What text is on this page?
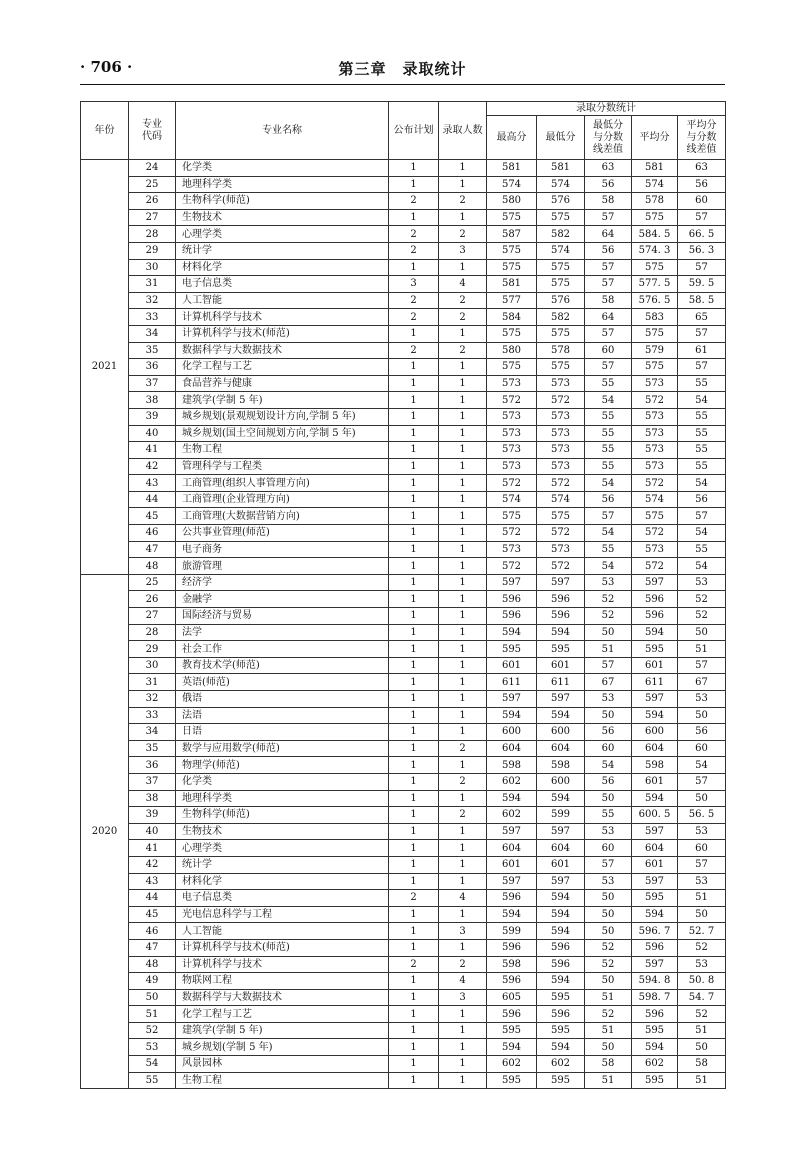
· 706 ·	第三章　录取统计
年份	专业代码	专业名称	公布计划	录取人数	录取分数统计				
					最高分	最低分	最低分与分数线差值	平均分	平均分与分数线差值

2021	24	化学类	1	1	581	581	63	581	63
	25	地理科学类	1	1	574	574	56	574	56
	26	生物科学(师范)	2	2	580	576	58	578	60
	27	生物技术	1	1	575	575	57	575	57
	28	心理学类	2	2	587	582	64	584. 5	66. 5
	29	统计学	2	3	575	574	56	574. 3	56. 3
	30	材料化学	1	1	575	575	57	575	57
	31	电子信息类	3	4	581	575	57	577. 5	59. 5
	32	人工智能	2	2	577	576	58	576. 5	58. 5
	33	计算机科学与技术	2	2	584	582	64	583	65
	34	计算机科学与技术(师范)	1	1	575	575	57	575	57
	35	数据科学与大数据技术	2	2	580	578	60	579	61
	36	化学工程与工艺	1	1	575	575	57	575	57
	37	食品营养与健康	1	1	573	573	55	573	55
	38	建筑学(学制 5 年)	1	1	572	572	54	572	54
	39	城乡规划(景观规划设计方向,学制 5 年)	1	1	573	573	55	573	55
	40	城乡规划(国土空间规划方向,学制 5 年)	1	1	573	573	55	573	55
	41	生物工程	1	1	573	573	55	573	55
	42	管理科学与工程类	1	1	573	573	55	573	55
	43	工商管理(组织人事管理方向)	1	1	572	572	54	572	54
	44	工商管理(企业管理方向)	1	1	574	574	56	574	56
	45	工商管理(大数据营销方向)	1	1	575	575	57	575	57
	46	公共事业管理(师范)	1	1	572	572	54	572	54
	47	电子商务	1	1	573	573	55	573	55
	48	旅游管理	1	1	572	572	54	572	54
2020	25	经济学	1	1	597	597	53	597	53
	26	金融学	1	1	596	596	52	596	52
	27	国际经济与贸易	1	1	596	596	52	596	52
	28	法学	1	1	594	594	50	594	50
	29	社会工作	1	1	595	595	51	595	51
	30	教育技术学(师范)	1	1	601	601	57	601	57
	31	英语(师范)	1	1	611	611	67	611	67
	32	俄语	1	1	597	597	53	597	53
	33	法语	1	1	594	594	50	594	50
	34	日语	1	1	600	600	56	600	56
	35	数学与应用数学(师范)	1	2	604	604	60	604	60
	36	物理学(师范)	1	1	598	598	54	598	54
	37	化学类	1	2	602	600	56	601	57
	38	地理科学类	1	1	594	594	50	594	50
	39	生物科学(师范)	1	2	602	599	55	600. 5	56. 5
	40	生物技术	1	1	597	597	53	597	53
	41	心理学类	1	1	604	604	60	604	60
	42	统计学	1	1	601	601	57	601	57
	43	材料化学	1	1	597	597	53	597	53
	44	电子信息类	2	4	596	594	50	595	51
	45	光电信息科学与工程	1	1	594	594	50	594	50
	46	人工智能	1	3	599	594	50	596. 7	52. 7
	47	计算机科学与技术(师范)	1	1	596	596	52	596	52
	48	计算机科学与技术	2	2	598	596	52	597	53
	49	物联网工程	1	4	596	594	50	594. 8	50. 8
	50	数据科学与大数据技术	1	3	605	595	51	598. 7	54. 7
	51	化学工程与工艺	1	1	596	596	52	596	52
	52	建筑学(学制 5 年)	1	1	595	595	51	595	51
	53	城乡规划(学制 5 年)	1	1	594	594	50	594	50
	54	风景园林	1	1	602	602	58	602	58
	55	生物工程	1	1	595	595	51	595	51
